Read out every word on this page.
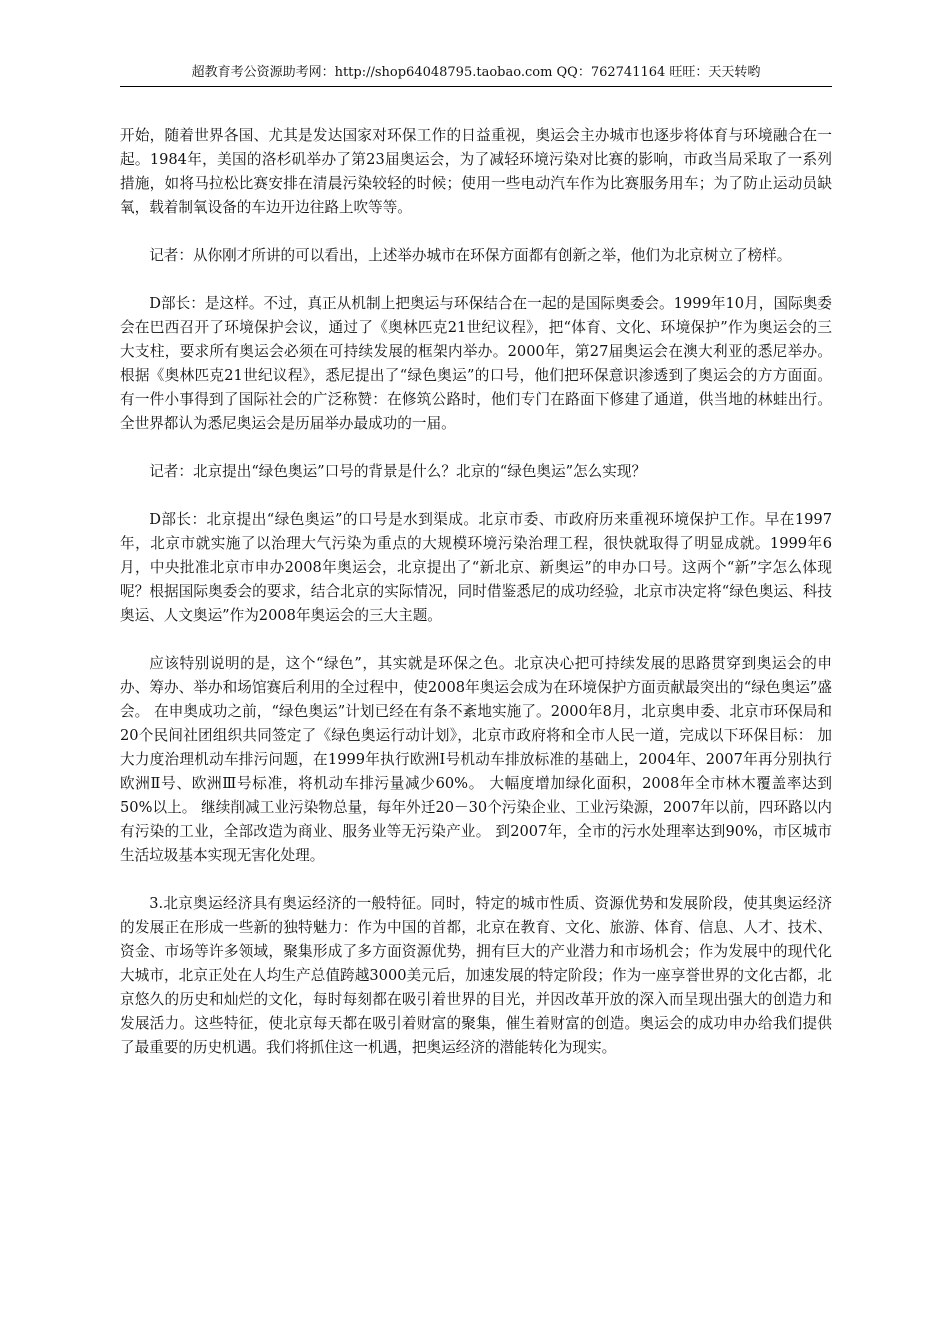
超教育考公资源助考网：http://shop64048795.taobao.com QQ：762741164 旺旺：天天转哟

开始，随着世界各国、尤其是发达国家对环保工作的日益重视，奥运会主办城市也逐步将体育与环境融合在一起。1984年，美国的洛杉矶举办了第23届奥运会，为了减轻环境污染对比赛的影响，市政当局采取了一系列措施，如将马拉松比赛安排在清晨污染较轻的时候；使用一些电动汽车作为比赛服务用车；为了防止运动员缺氧，载着制氧设备的车边开边往路上吹等等。

记者：从你刚才所讲的可以看出，上述举办城市在环保方面都有创新之举，他们为北京树立了榜样。

D部长：是这样。不过，真正从机制上把奥运与环保结合在一起的是国际奥委会。1999年10月，国际奥委会在巴西召开了环境保护会议，通过了《奥林匹克21世纪议程》，把“体育、文化、环境保护”作为奥运会的三大支柱，要求所有奥运会必须在可持续发展的框架内举办。2000年，第27届奥运会在澳大利亚的悉尼举办。根据《奥林匹克21世纪议程》，悉尼提出了“绿色奥运”的口号，他们把环保意识渗透到了奥运会的方方面面。有一件小事得到了国际社会的广泛称赞：在修筑公路时，他们专门在路面下修建了通道，供当地的林蛙出行。全世界都认为悉尼奥运会是历届举办最成功的一届。

记者：北京提出“绿色奥运”口号的背景是什么？北京的“绿色奥运”怎么实现？

D部长：北京提出“绿色奥运”的口号是水到渠成。北京市委、市政府历来重视环境保护工作。早在1997年，北京市就实施了以治理大气污染为重点的大规模环境污染治理工程，很快就取得了明显成就。1999年6月，中央批准北京市申办2008年奥运会，北京提出了“新北京、新奥运”的申办口号。这两个“新”字怎么体现呢？根据国际奥委会的要求，结合北京的实际情况，同时借鉴悉尼的成功经验，北京市决定将“绿色奥运、科技奥运、人文奥运”作为2008年奥运会的三大主题。

应该特别说明的是，这个“绿色”，其实就是环保之色。北京决心把可持续发展的思路贯穿到奥运会的申办、筹办、举办和场馆赛后利用的全过程中，使2008年奥运会成为在环境保护方面贡献最突出的“绿色奥运”盛会。 在申奥成功之前，“绿色奥运”计划已经在有条不紊地实施了。2000年8月，北京奥申委、北京市环保局和20个民间社团组织共同签定了《绿色奥运行动计划》，北京市政府将和全市人民一道，完成以下环保目标： 加大力度治理机动车排污问题，在1999年执行欧洲Ⅰ号机动车排放标准的基础上，2004年、2007年再分别执行欧洲Ⅱ号、欧洲Ⅲ号标准，将机动车排污量减少60%。 大幅度增加绿化面积，2008年全市林木覆盖率达到50%以上。 继续削减工业污染物总量，每年外迁20－30个污染企业、工业污染源，2007年以前，四环路以内有污染的工业，全部改造为商业、服务业等无污染产业。 到2007年，全市的污水处理率达到90%，市区城市生活垃圾基本实现无害化处理。

3.北京奥运经济具有奥运经济的一般特征。同时，特定的城市性质、资源优势和发展阶段，使其奥运经济的发展正在形成一些新的独特魅力：作为中国的首都，北京在教育、文化、旅游、体育、信息、人才、技术、资金、市场等许多领域，聚集形成了多方面资源优势，拥有巨大的产业潜力和市场机会；作为发展中的现代化大城市，北京正处在人均生产总值跨越3000美元后，加速发展的特定阶段；作为一座享誉世界的文化古都，北京悠久的历史和灿烂的文化，每时每刻都在吸引着世界的目光，并因改革开放的深入而呈现出强大的创造力和发展活力。这些特征，使北京每天都在吸引着财富的聚集，催生着财富的创造。奥运会的成功申办给我们提供了最重要的历史机遇。我们将抓住这一机遇，把奥运经济的潜能转化为现实。
